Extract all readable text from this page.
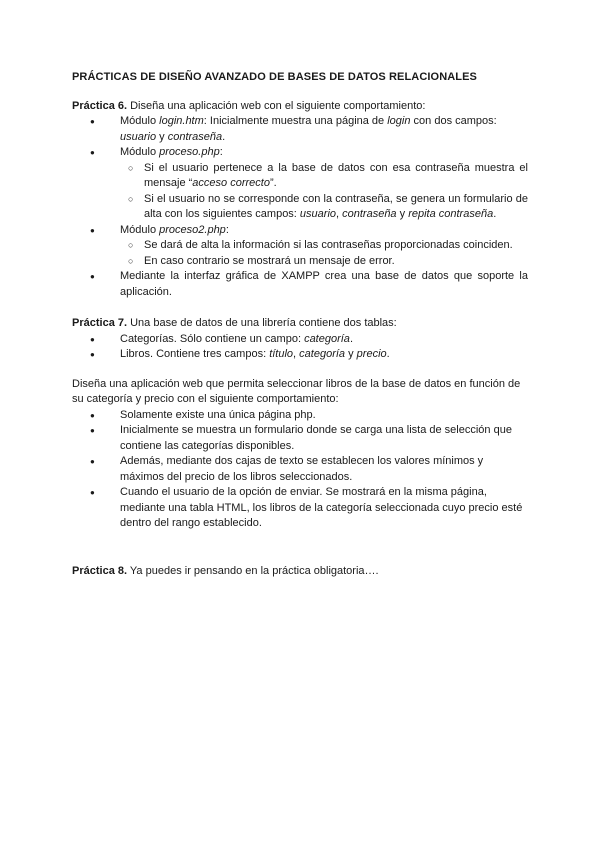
PRÁCTICAS DE DISEÑO AVANZADO DE BASES DE DATOS RELACIONALES
Práctica 6. Diseña una aplicación web con el siguiente comportamiento:
● Módulo login.htm: Inicialmente muestra una página de login con dos campos:
usuario y contraseña.
● Módulo proceso.php:
○ Si el usuario pertenece a la base de datos con esa contraseña muestra el mensaje “acceso correcto”.
○ Si el usuario no se corresponde con la contraseña, se genera un formulario de alta con los siguientes campos: usuario, contraseña y repita contraseña.
● Módulo proceso2.php:
○ Se dará de alta la información si las contraseñas proporcionadas coinciden.
○ En caso contrario se mostrará un mensaje de error.
● Mediante la interfaz gráfica de XAMPP crea una base de datos que soporte la aplicación.
Práctica 7. Una base de datos de una librería contiene dos tablas:
● Categorías. Sólo contiene un campo: categoría.
● Libros. Contiene tres campos: título, categoría y precio.
Diseña una aplicación web que permita seleccionar libros de la base de datos en función de su categoría y precio con el siguiente comportamiento:
● Solamente existe una única página php.
● Inicialmente se muestra un formulario donde se carga una lista de selección que contiene las categorías disponibles.
● Además, mediante dos cajas de texto se establecen los valores mínimos y máximos del precio de los libros seleccionados.
● Cuando el usuario de la opción de enviar. Se mostrará en la misma página, mediante una tabla HTML, los libros de la categoría seleccionada cuyo precio esté dentro del rango establecido.
Práctica 8. Ya puedes ir pensando en la práctica obligatoria….
